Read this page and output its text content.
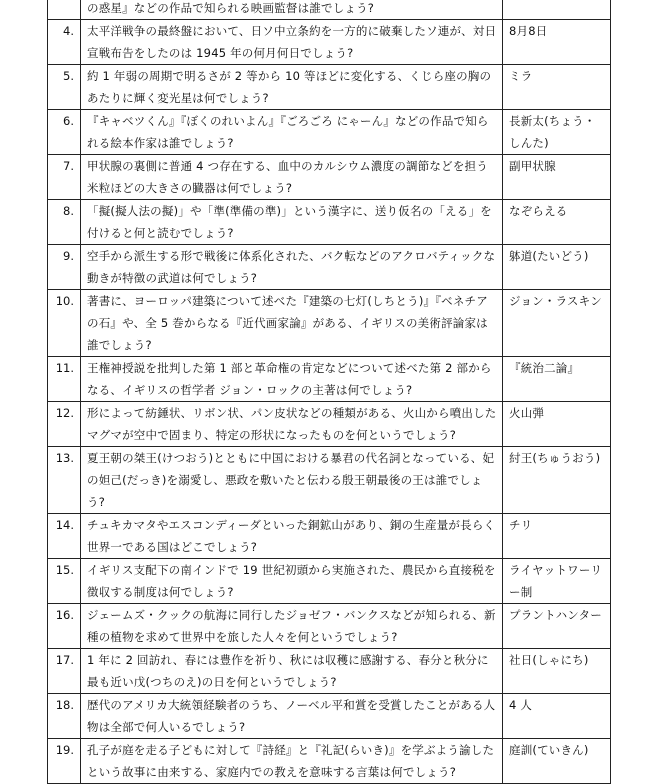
	の惑星』などの作品で知られる映画監督は誰でしょう?	
4.	太平洋戦争の最終盤において、日ソ中立条約を一方的に破棄したソ連が、対日宣戦布告をしたのは 1945 年の何月何日でしょう?	8月8日
5.	約 1 年弱の周期で明るさが 2 等から 10 等ほどに変化する、くじら座の胸のあたりに輝く変光星は何でしょう?	ミラ
6.	『キャベツくん』『ぼくのれいよん』『ごろごろ にゃーん』などの作品で知られる絵本作家は誰でしょう?	長新太(ちょう・しんた)
7.	甲状腺の裏側に普通 4 つ存在する、血中のカルシウム濃度の調節などを担う米粒ほどの大きさの臓器は何でしょう?	副甲状腺
8.	「擬(擬人法の擬)」や「準(準備の準)」という漢字に、送り仮名の「える」を付けると何と読むでしょう?	なぞらえる
9.	空手から派生する形で戦後に体系化された、バク転などのアクロバティックな動きが特徴の武道は何でしょう?	躰道(たいどう)
10.	著書に、ヨーロッパ建築について述べた『建築の七灯(しちとう)』『ベネチアの石』や、全 5 巻からなる『近代画家論』がある、イギリスの美術評論家は誰でしょう?	ジョン・ラスキン
11.	王権神授説を批判した第 1 部と革命権の肯定などについて述べた第 2 部からなる、イギリスの哲学者 ジョン・ロックの主著は何でしょう?	『統治二論』
12.	形によって紡錘状、リボン状、パン皮状などの種類がある、火山から噴出したマグマが空中で固まり、特定の形状になったものを何というでしょう?	火山弾
13.	夏王朝の桀王(けつおう)とともに中国における暴君の代名詞となっている、妃の妲己(だっき)を溺愛し、悪政を敷いたと伝わる殷王朝最後の王は誰でしょう?	紂王(ちゅうおう)
14.	チュキカマタやエスコンディーダといった銅鉱山があり、銅の生産量が長らく世界一である国はどこでしょう?	チリ
15.	イギリス支配下の南インドで 19 世紀初頭から実施された、農民から直接税を徴収する制度は何でしょう?	ライヤットワーリー制
16.	ジェームズ・クックの航海に同行したジョゼフ・バンクスなどが知られる、新種の植物を求めて世界中を旅した人々を何というでしょう?	プラントハンター
17.	1 年に 2 回訪れ、春には豊作を祈り、秋には収穫に感謝する、春分と秋分に最も近い戊(つちのえ)の日を何というでしょう?	社日(しゃにち)
18.	歴代のアメリカ大統領経験者のうち、ノーベル平和賞を受賞したことがある人物は全部で何人いるでしょう?	4 人
19.	孔子が庭を走る子どもに対して『詩経』と『礼記(らいき)』を学ぶよう諭したという故事に由来する、家庭内での教えを意味する言葉は何でしょう?	庭訓(ていきん)
